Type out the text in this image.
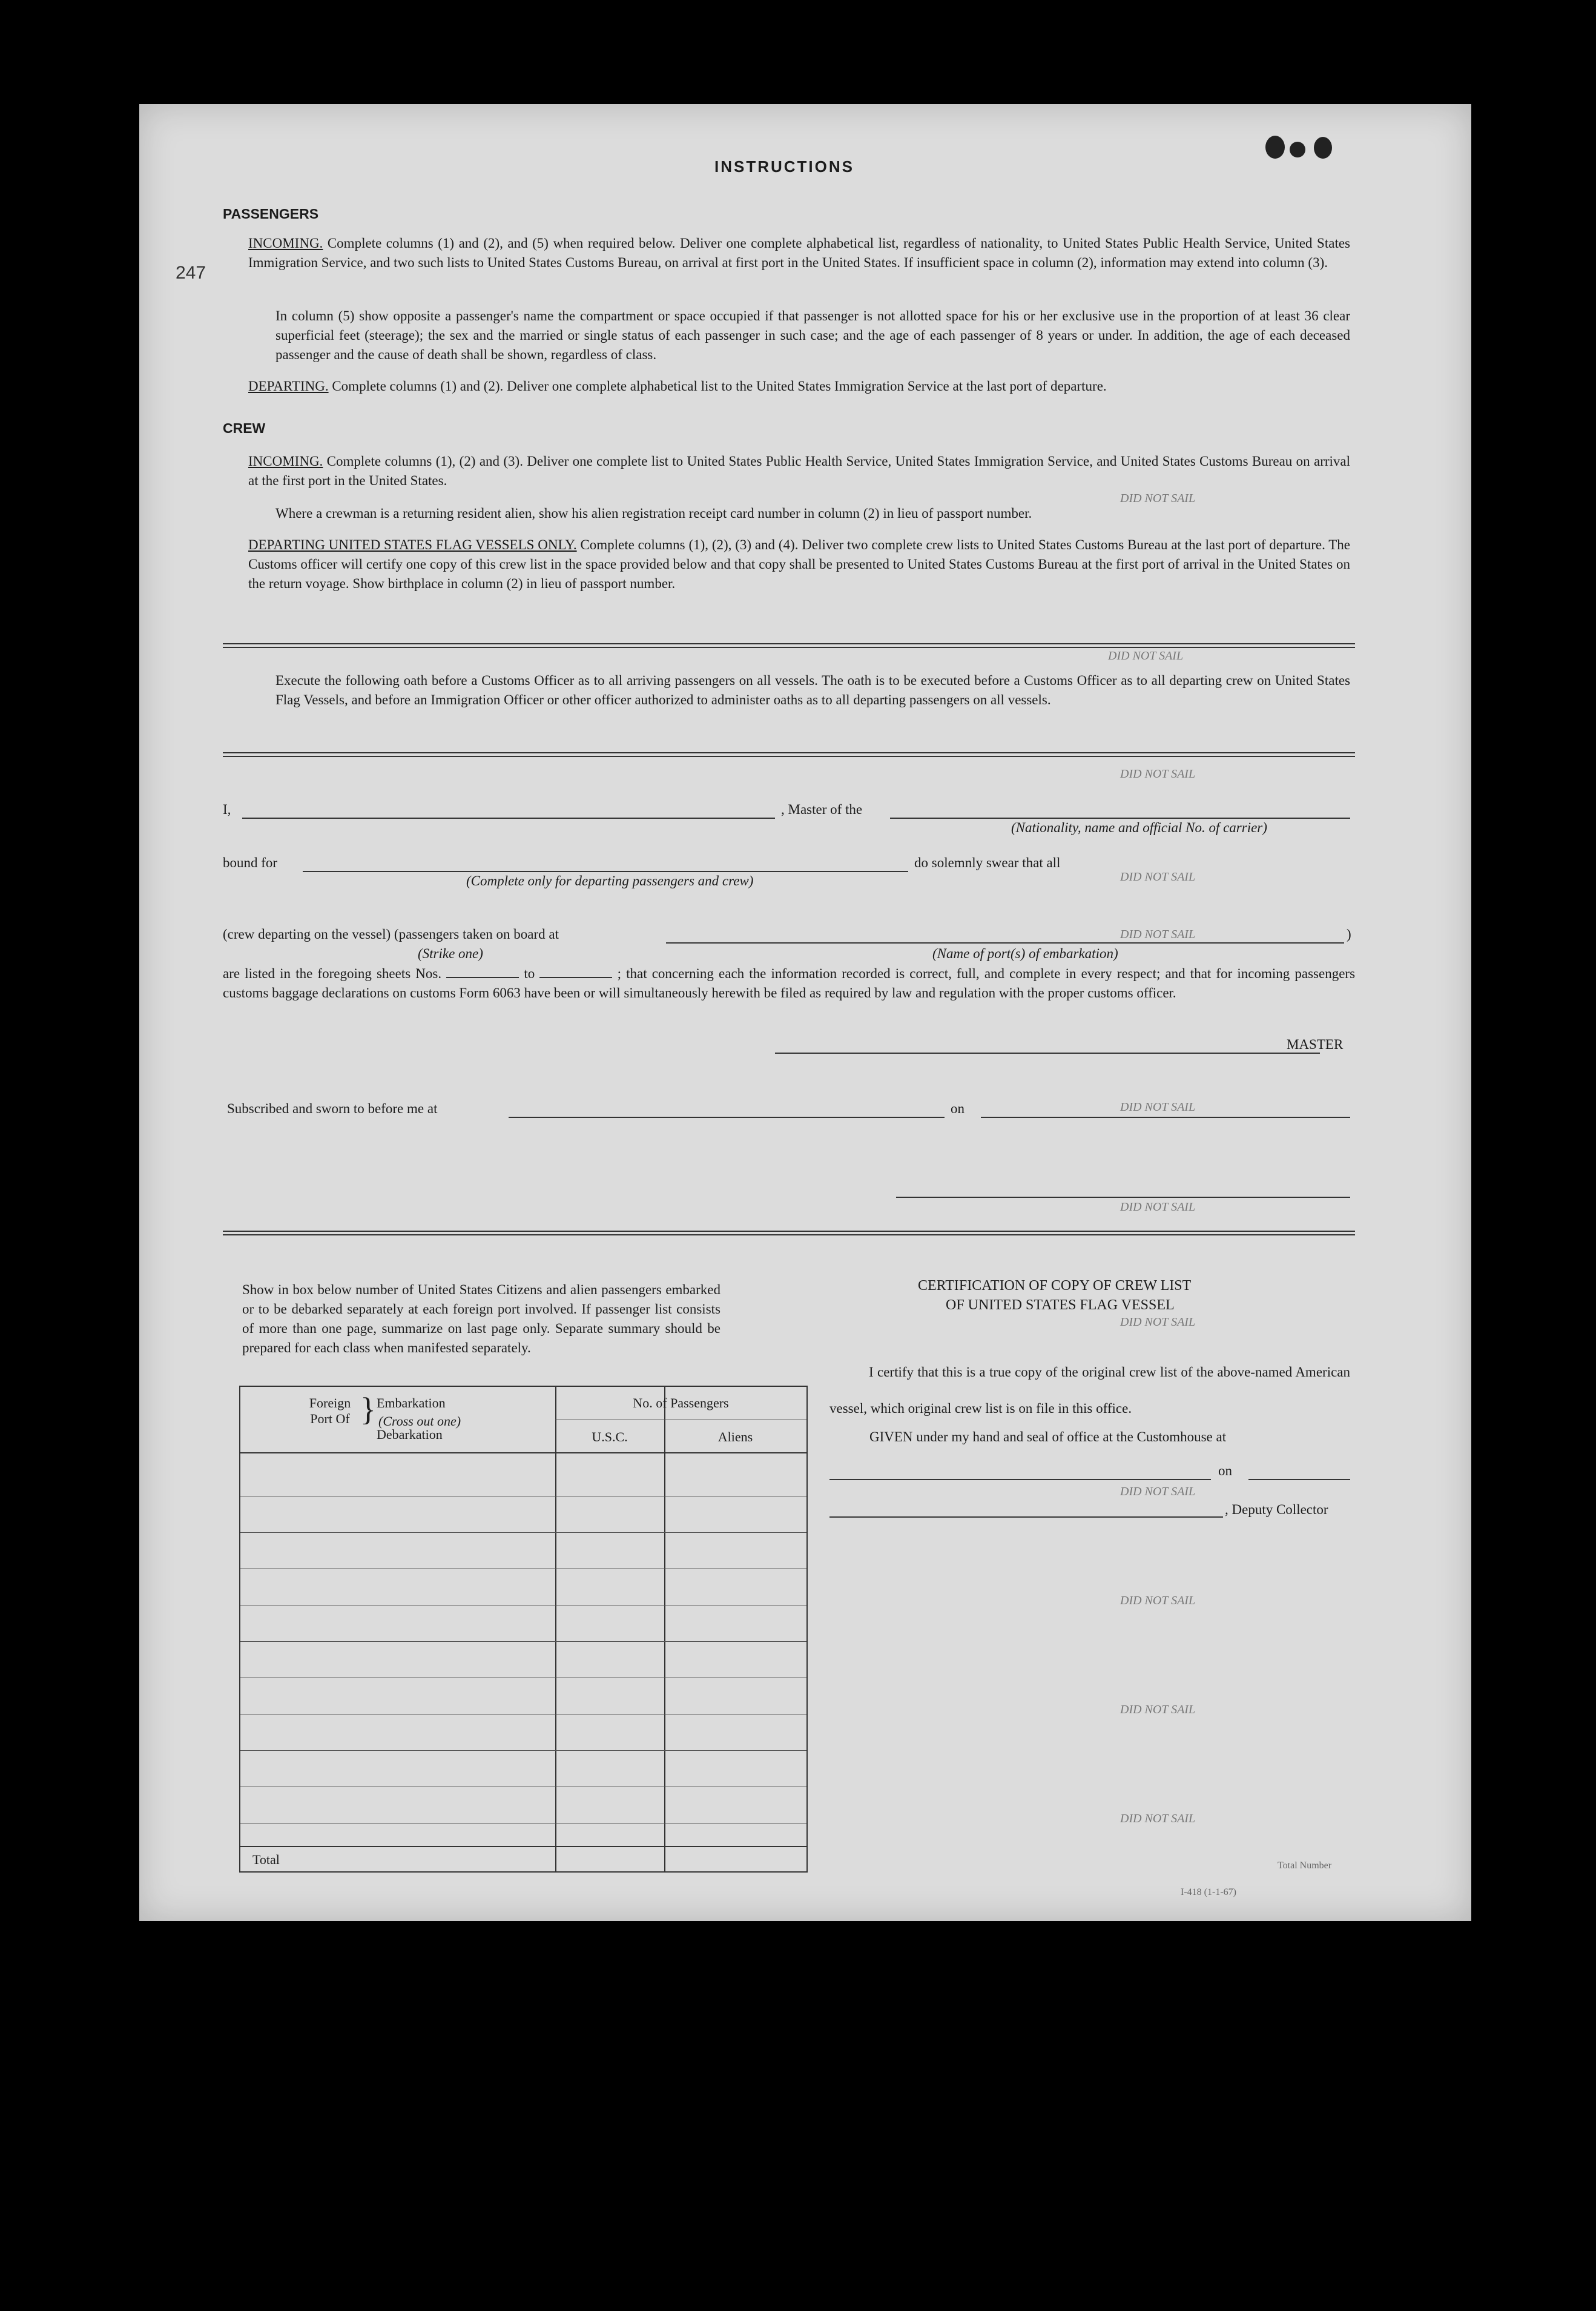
DID NOT SAIL
DID NOT SAIL
DID NOT SAIL
DID NOT SAIL
DID NOT SAIL
DID NOT SAIL
DID NOT SAIL
DID NOT SAIL
DID NOT SAIL
DID NOT SAIL
DID NOT SAIL
DID NOT SAIL
INSTRUCTIONS
PASSENGERS
INCOMING. Complete columns (1) and (2), and (5) when required below. Deliver one complete alphabetical list, regardless of nationality, to United States Public Health Service, United States Immigration Service, and two such lists to United States Customs Bureau, on arrival at first port in the United States. If insufficient space in column (2), information may extend into column (3).
In column (5) show opposite a passenger's name the compartment or space occupied if that passenger is not allotted space for his or her exclusive use in the proportion of at least 36 clear superficial feet (steerage); the sex and the married or single status of each passenger in such case; and the age of each passenger of 8 years or under. In addition, the age of each deceased passenger and the cause of death shall be shown, regardless of class.
DEPARTING. Complete columns (1) and (2). Deliver one complete alphabetical list to the United States Immigration Service at the last port of departure.
CREW
INCOMING. Complete columns (1), (2) and (3). Deliver one complete list to United States Public Health Service, United States Immigration Service, and United States Customs Bureau on arrival at the first port in the United States.
Where a crewman is a returning resident alien, show his alien registration receipt card number in column (2) in lieu of passport number.
DEPARTING UNITED STATES FLAG VESSELS ONLY. Complete columns (1), (2), (3) and (4). Deliver two complete crew lists to United States Customs Bureau at the last port of departure. The Customs officer will certify one copy of this crew list in the space provided below and that copy shall be presented to United States Customs Bureau at the first port of arrival in the United States on the return voyage. Show birthplace in column (2) in lieu of passport number.
Execute the following oath before a Customs Officer as to all arriving passengers on all vessels. The oath is to be executed before a Customs Officer as to all departing crew on United States Flag Vessels, and before an Immigration Officer or other officer authorized to administer oaths as to all departing passengers on all vessels.
I,	, Master of the
(Nationality, name and official No. of carrier)
bound for
(Complete only for departing passengers and crew)
do solemnly swear that all
(crew departing on the vessel) (passengers taken on board at
(Strike one)	(Name of port(s) of embarkation)
)
are listed in the foregoing sheets Nos.	to	; that concerning each the information recorded is correct, full, and complete in every respect; and that for incoming passengers customs baggage declarations on customs Form 6063 have been or will simultaneously herewith be filed as required by law and regulation with the proper customs officer.
MASTER
Subscribed and sworn to before me at	on
Show in box below number of United States Citizens and alien passengers embarked or to be debarked separately at each foreign port involved. If passenger list consists of more than one page, summarize on last page only. Separate summary should be prepared for each class when manifested separately.
Foreign Port Of } Embarkation
(Cross out one)
Debarkation
No. of Passengers
U.S.C.	Aliens
Total
CERTIFICATION OF COPY OF CREW LIST
OF UNITED STATES FLAG VESSEL
I certify that this is a true copy of the original crew list of the above-named American vessel, which original crew list is on file in this office.
GIVEN under my hand and seal of office at the Customhouse at
on
, Deputy Collector
247
I-418 (1-1-67)
Total Number
